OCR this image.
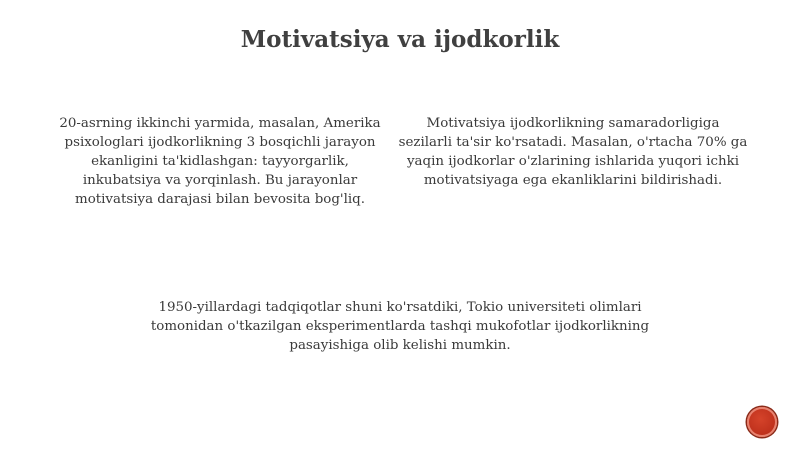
Motivatsiya va ijodkorlik

20-asrning ikkinchi yarmida, masalan, Amerika psixologlari ijodkorlikning 3 bosqichli jarayon ekanligini ta'kidlashgan: tayyorgarlik, inkubatsiya va yorqinlash. Bu jarayonlar motivatsiya darajasi bilan bevosita bog'liq.

Motivatsiya ijodkorlikning samaradorligiga sezilarli ta'sir ko'rsatadi. Masalan, o'rtacha 70% ga yaqin ijodkorlar o'zlarining ishlarida yuqori ichki motivatsiyaga ega ekanliklarini bildirishadi.

1950-yillardagi tadqiqotlar shuni ko'rsatdiki, Tokio universiteti olimlari tomonidan o'tkazilgan eksperimentlarda tashqi mukofotlar ijodkorlikning pasayishiga olib kelishi mumkin.
